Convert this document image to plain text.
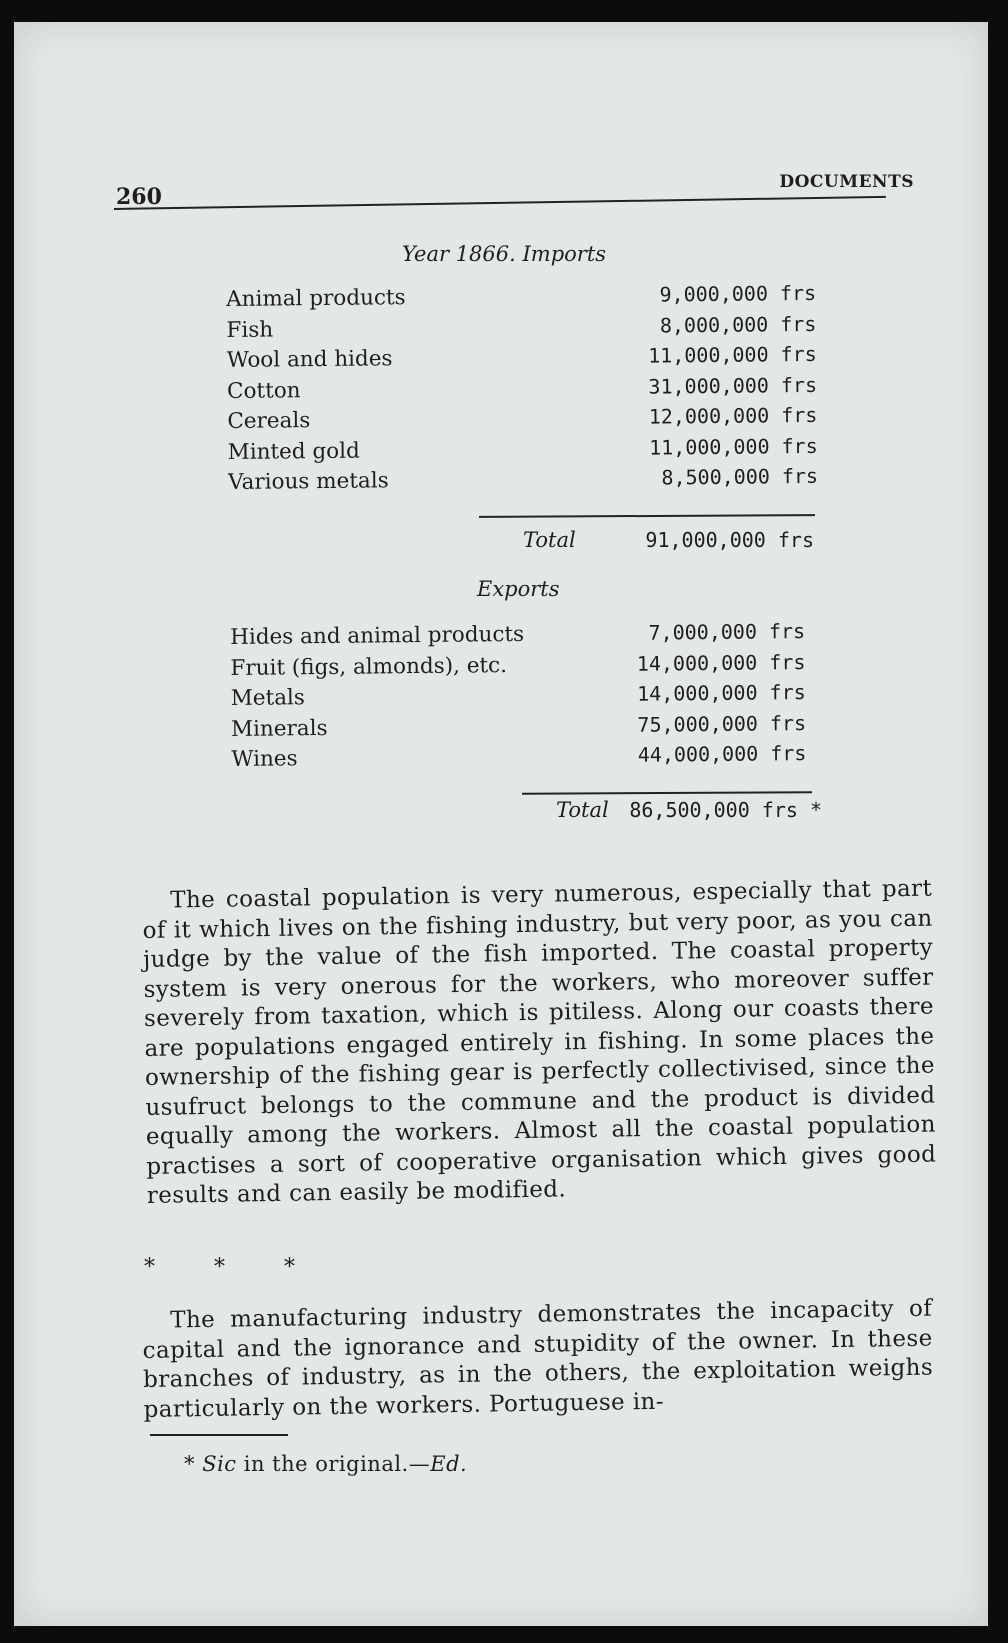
260
DOCUMENTS
Year 1866. Imports
Animal products	9,000,000 frs
Fish	8,000,000 frs
Wool and hides	11,000,000 frs
Cotton	31,000,000 frs
Cereals	12,000,000 frs
Minted gold	11,000,000 frs
Various metals	8,500,000 frs
Total	91,000,000 frs
Exports
Hides and animal products	7,000,000 frs
Fruit (figs, almonds), etc.	14,000,000 frs
Metals	14,000,000 frs
Minerals	75,000,000 frs
Wines	44,000,000 frs
Total 86,500,000 frs *

The coastal population is very numerous, especially that part of it which lives on the fishing industry, but very poor, as you can judge by the value of the fish imported. The coastal property system is very onerous for the workers, who moreover suffer severely from taxation, which is pitiless. Along our coasts there are populations engaged entirely in fishing. In some places the ownership of the fishing gear is perfectly collectivised, since the usufruct belongs to the commune and the product is divided equally among the workers. Almost all the coastal population practises a sort of cooperative organisation which gives good results and can easily be modified.

* * *

The manufacturing industry demonstrates the incapacity of capital and the ignorance and stupidity of the owner. In these branches of industry, as in the others, the exploitation weighs particularly on the workers. Portuguese in-

* Sic in the original.—Ed.
